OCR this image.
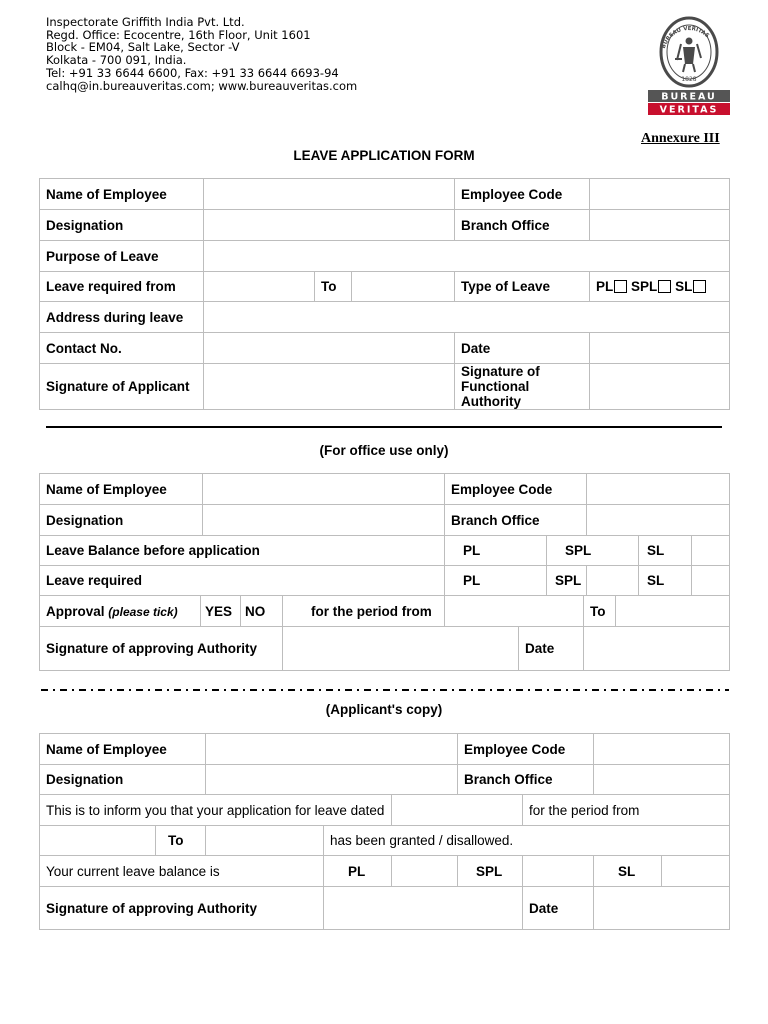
Inspectorate Griffith India Pvt. Ltd.
Regd. Office: Ecocentre, 16th Floor, Unit 1601
Block - EM04, Salt Lake, Sector -V
Kolkata - 700 091, India.
Tel: +91 33 6644 6600, Fax: +91 33 6644 6693-94
calhq@in.bureauveritas.com; www.bureauveritas.com
BUREAU VERITAS
1828
BUREAU
VERITAS
Annexure III
LEAVE APPLICATION FORM
Name of Employee			Employee Code	
Designation			Branch Office	
Purpose of Leave				
Leave required from		To	Type of Leave	PL SPL SL
Address during leave				
Contact No.			Date	
Signature of Applicant			Signature of Functional Authority	
(For office use only)
Name of Employee		Employee Code				
Designation		Branch Office				
Leave Balance before application		PL	SPL		SL	
Leave required		PL	SPL		SL	
Approval (please tick)	YES	NO	for the period from			To	
Signature of approving Authority					Date		
(Applicant's copy)
Name of Employee					Employee Code			
Designation					Branch Office			
This is to inform you that your application for leave dated						for the period from		
	To		has been granted / disallowed.					
Your current leave balance is			PL		SPL		SL	
Signature of approving Authority						Date		
